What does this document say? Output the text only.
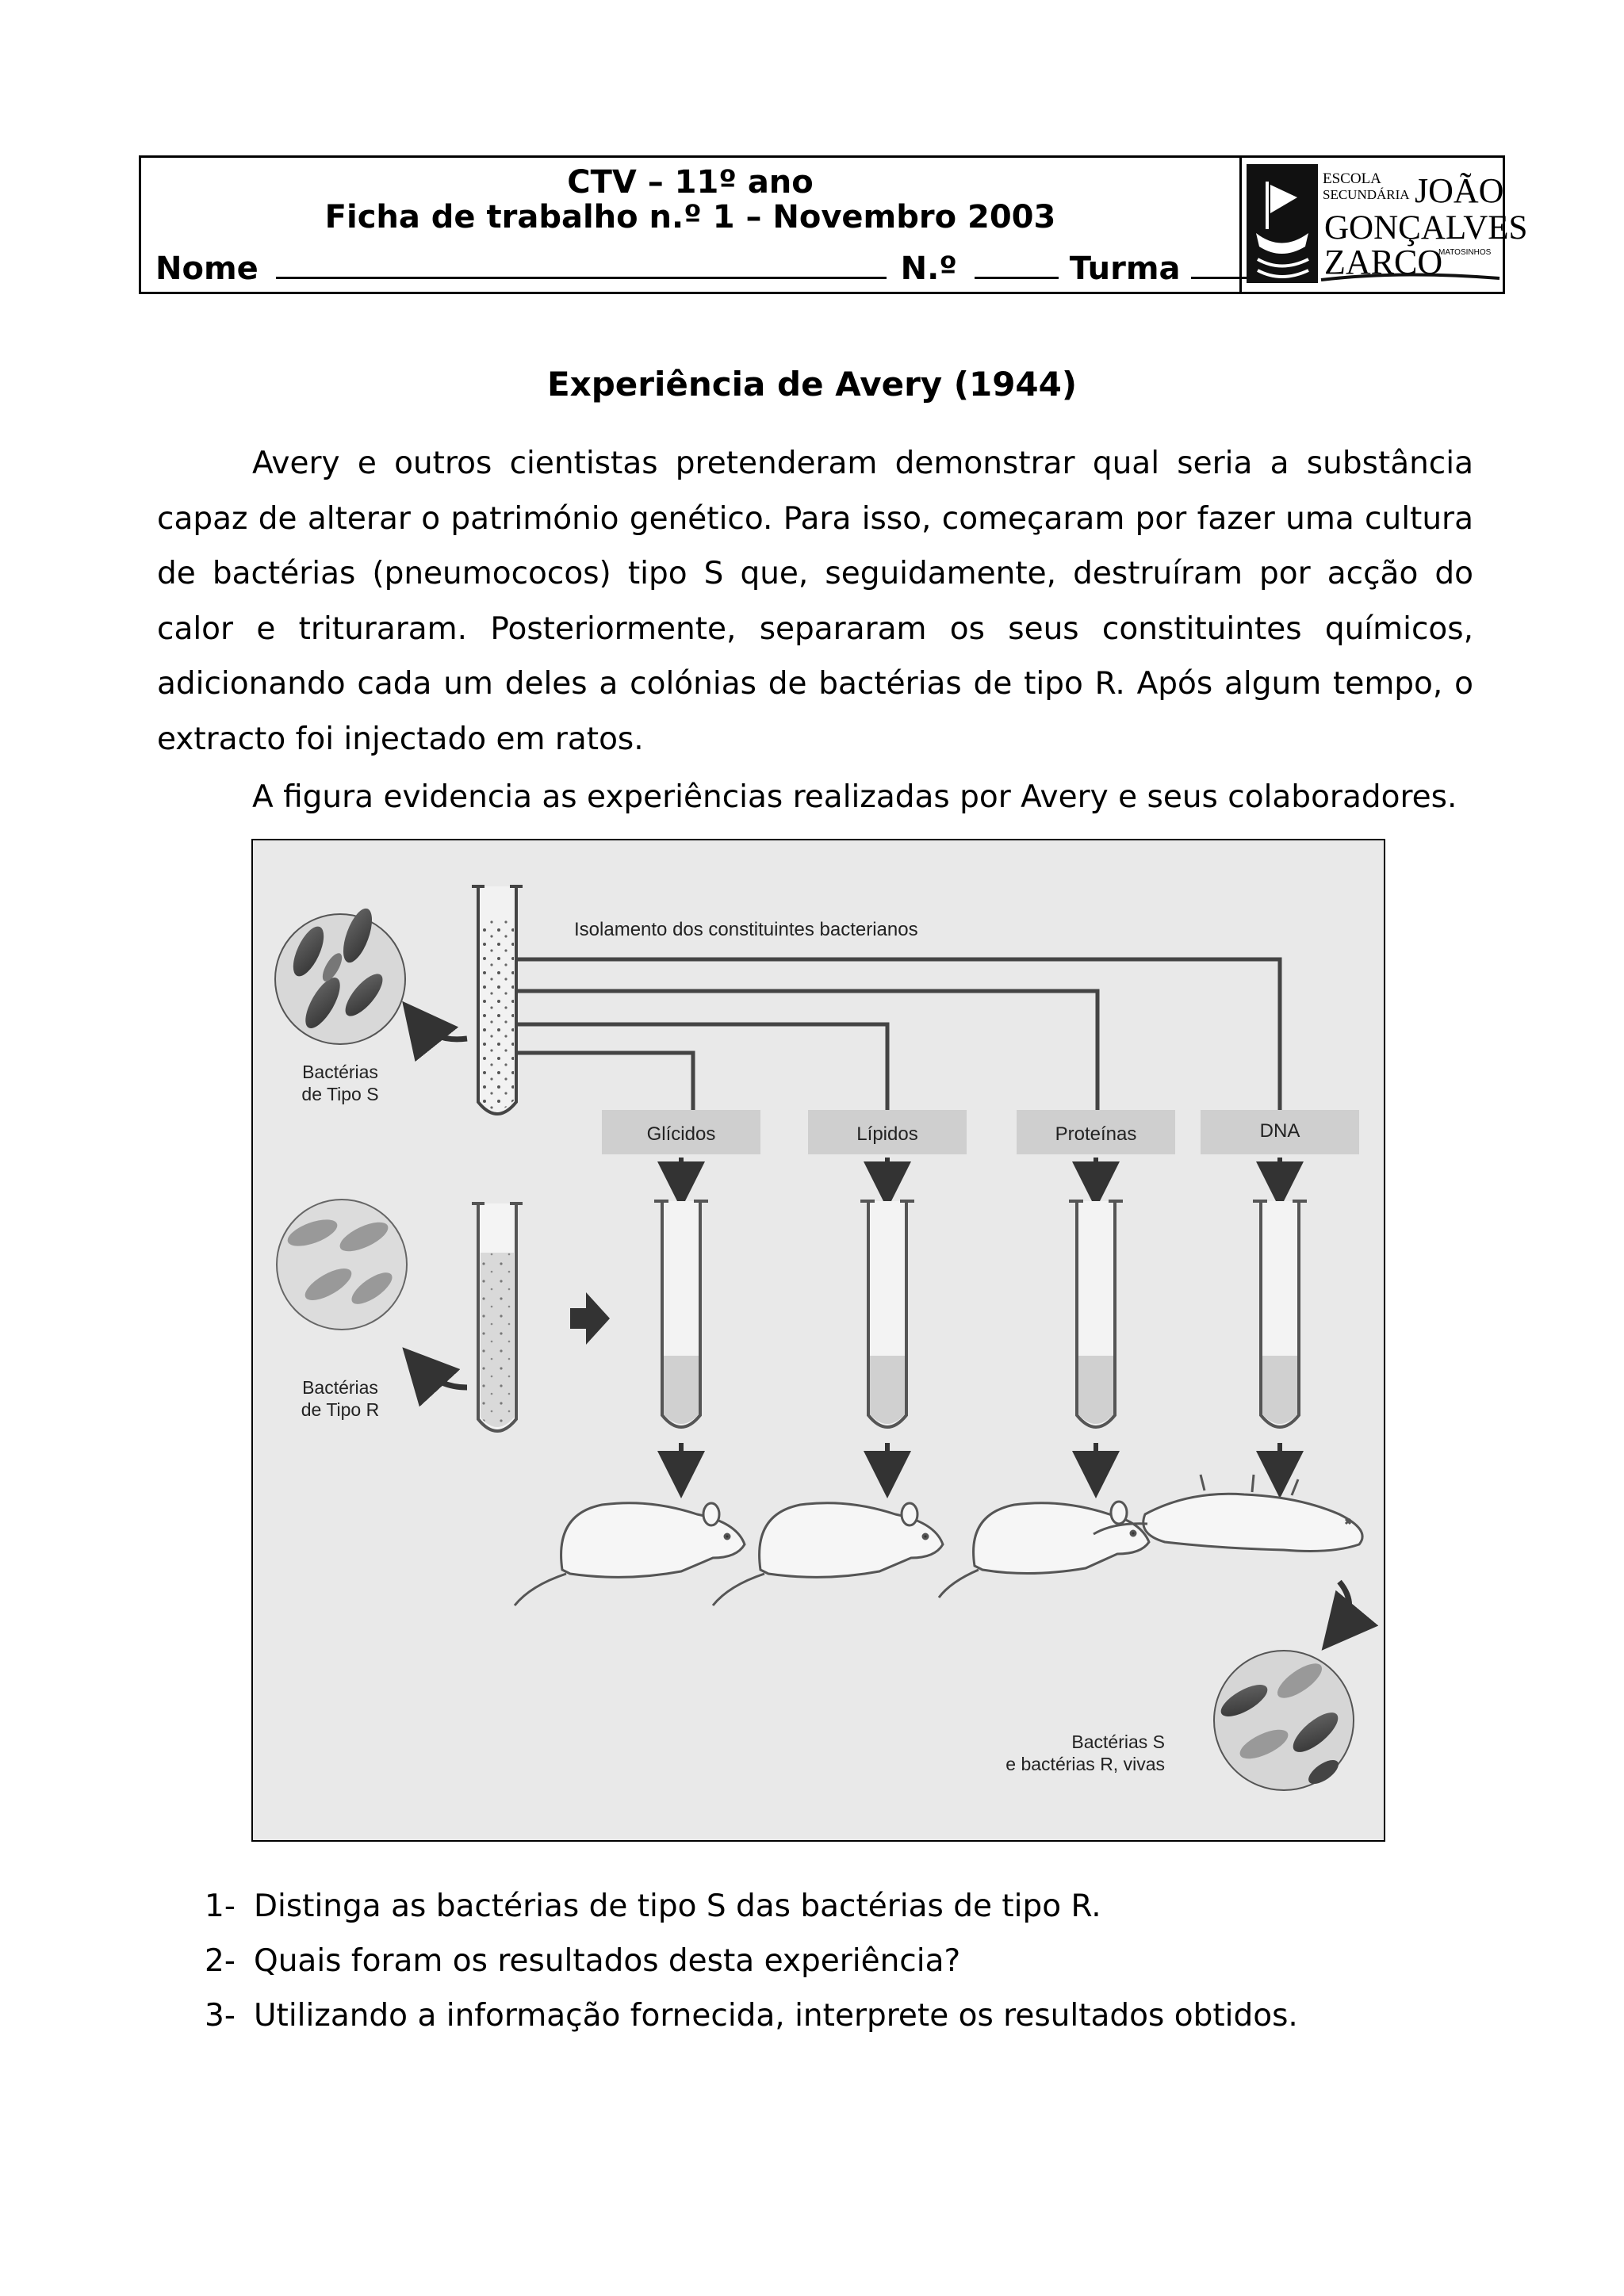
CTV – 11º ano
Ficha de trabalho n.º 1 – Novembro 2003
Nome	N.º	Turma
ESCOLA
SECUNDÁRIA JOÃO
GONÇALVES
ZARCO
MATOSINHOS
Experiência de Avery (1944)

Avery e outros cientistas pretenderam demonstrar qual seria a substância capaz de alterar o património genético. Para isso, começaram por fazer uma cultura de bactérias (pneumococos) tipo S que, seguidamente, destruíram por acção do calor e trituraram. Posteriormente, separaram os seus constituintes químicos, adicionando cada um deles a colónias de bactérias de tipo R. Após algum tempo, o extracto foi injectado em ratos.

A figura evidencia as experiências realizadas por Avery e seus colaboradores.

Bactérias
de Tipo S
Isolamento dos constituintes bacterianos
Glícidos	Lípidos	Proteínas	DNA
Bactérias
de Tipo R
Bactérias S
e bactérias R, vivas
1- Distinga as bactérias de tipo S das bactérias de tipo R.
2- Quais foram os resultados desta experiência?
3- Utilizando a informação fornecida, interprete os resultados obtidos.
